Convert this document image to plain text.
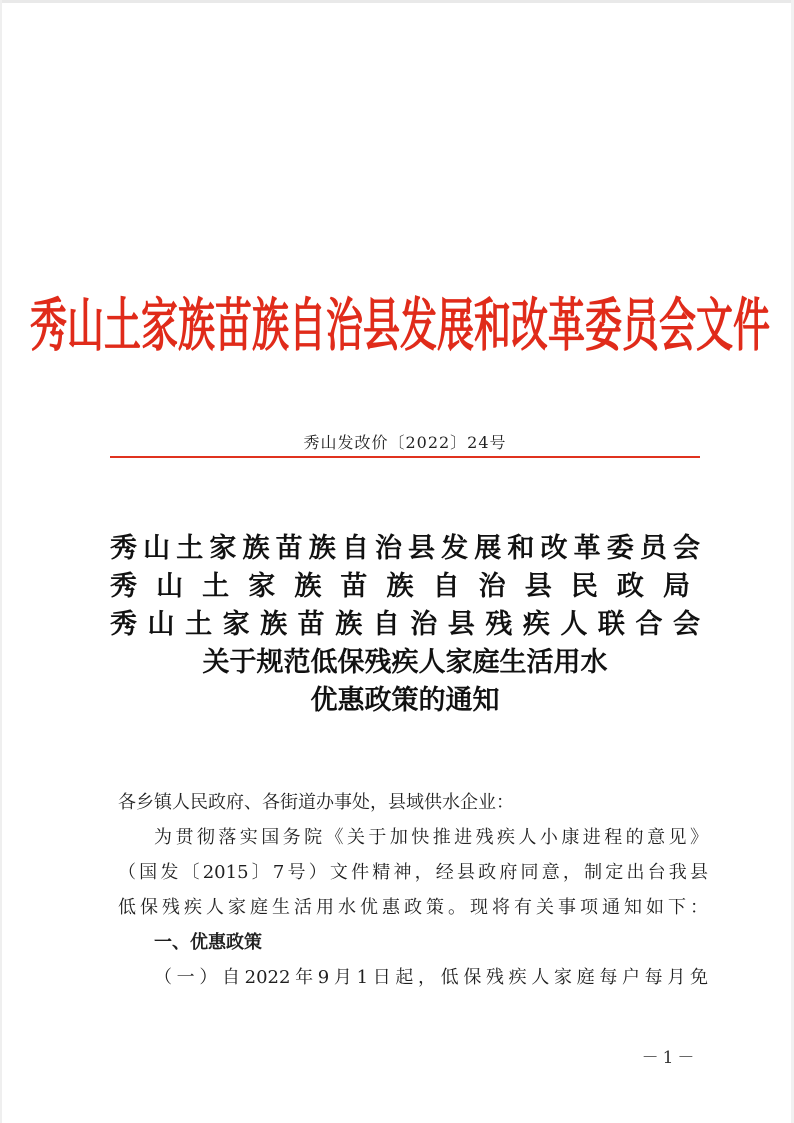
秀山土家族苗族自治县发展和改革委员会文件
秀山发改价〔2022〕24号
秀山土家族苗族自治县发展和改革委员会
秀山土家族苗族自治县民政局
秀山土家族苗族自治县残疾人联合会
关于规范低保残疾人家庭生活用水
优惠政策的通知

各乡镇人民政府、各街道办事处，县域供水企业：

为贯彻落实国务院《关于加快推进残疾人小康进程的意见》

（国发〔2015〕7号）文件精神，经县政府同意，制定出台我县

低保残疾人家庭生活用水优惠政策。现将有关事项通知如下：

一、优惠政策

（一）自2022年9月1日起，低保残疾人家庭每户每月免

－1－
